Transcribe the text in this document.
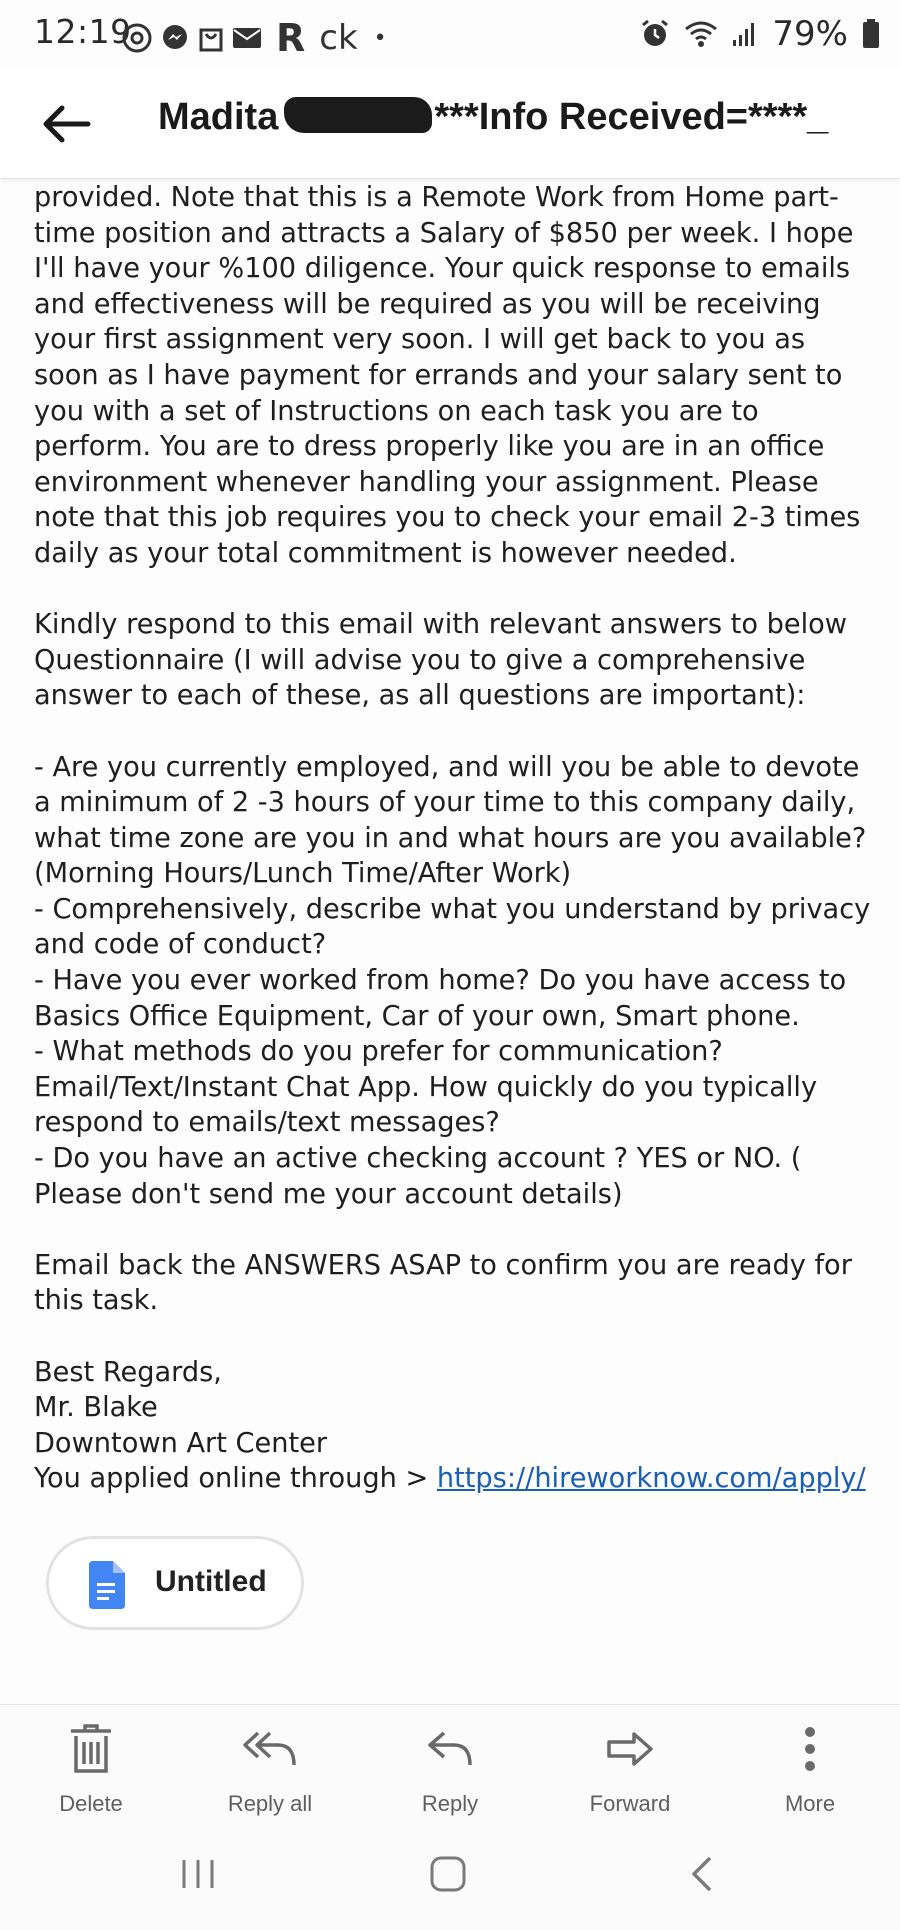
12:19	R ck •	79%
Madita	***Info Received=****_

provided. Note that this is a Remote Work from Home part-time position and attracts a Salary of $850 per week. I hope I'll have your %100 diligence. Your quick response to emails and effectiveness will be required as you will be receiving your first assignment very soon. I will get back to you as soon as I have payment for errands and your salary sent to you with a set of Instructions on each task you are to perform. You are to dress properly like you are in an office environment whenever handling your assignment. Please note that this job requires you to check your email 2-3 times daily as your total commitment is however needed.

Kindly respond to this email with relevant answers to below Questionnaire (I will advise you to give a comprehensive answer to each of these, as all questions are important):

- Are you currently employed, and will you be able to devote a minimum of 2 -3 hours of your time to this company daily, what time zone are you in and what hours are you available? (Morning Hours/Lunch Time/After Work)

- Comprehensively, describe what you understand by privacy and code of conduct?

- Have you ever worked from home? Do you have access to Basics Office Equipment, Car of your own, Smart phone.

- What methods do you prefer for communication? Email/Text/Instant Chat App. How quickly do you typically respond to emails/text messages?

- Do you have an active checking account ? YES or NO. ( Please don't send me your account details)

Email back the ANSWERS ASAP to confirm you are ready for this task.

Best Regards,

Mr. Blake

Downtown Art Center

You applied online through > https://hireworknow.com/apply/

Untitled
Delete	Reply all	Reply	Forward	More
